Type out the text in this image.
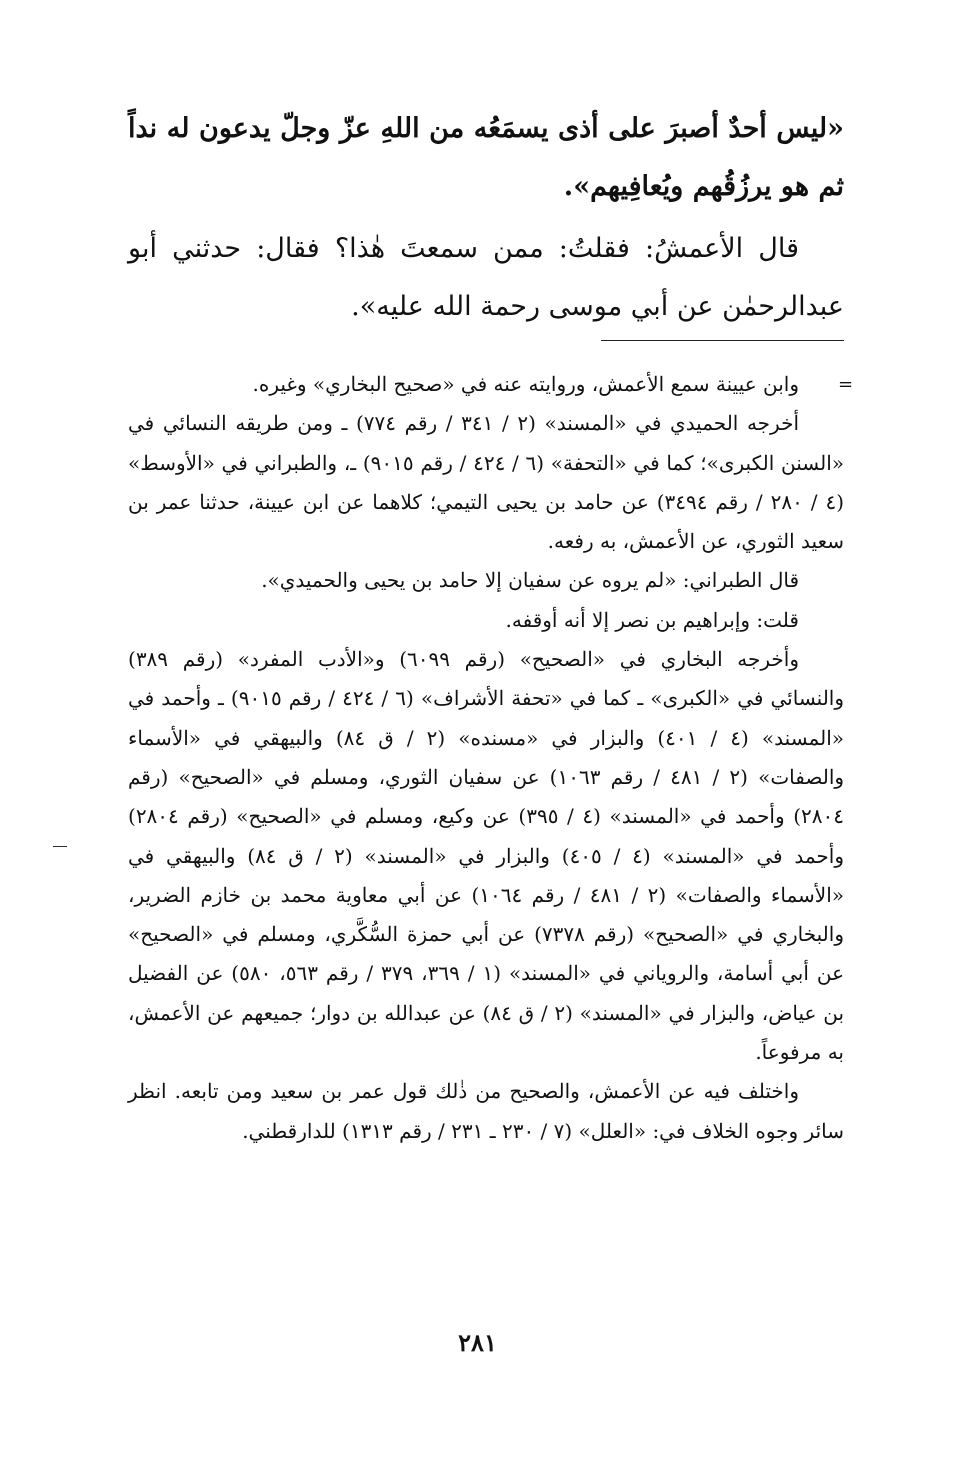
«ليس أحدٌ أصبرَ على أذى يسمَعُه من اللهِ عزّ وجلّ يدعون له نداً ثم هو يرزُقُهم ويُعافِيهم».

قال الأعمشُ: فقلتُ: ممن سمعتَ هٰذا؟ فقال: حدثني أبو عبدالرحمٰن عن أبي موسى رحمة الله عليه».

=

وابن عيينة سمع الأعمش، وروايته عنه في «صحيح البخاري» وغيره.

أخرجه الحميدي في «المسند» (٢ / ٣٤١ / رقم ٧٧٤) ـ ومن طريقه النسائي في «السنن الكبرى»؛ كما في «التحفة» (٦ / ٤٢٤ / رقم ٩٠١٥) ـ، والطبراني في «الأوسط» (٤ / ٢٨٠ / رقم ٣٤٩٤) عن حامد بن يحيى التيمي؛ كلاهما عن ابن عيينة، حدثنا عمر بن سعيد الثوري، عن الأعمش، به رفعه.

قال الطبراني: «لم يروه عن سفيان إلا حامد بن يحيى والحميدي».

قلت: وإبراهيم بن نصر إلا أنه أوقفه.

وأخرجه البخاري في «الصحيح» (رقم ٦٠٩٩) و«الأدب المفرد» (رقم ٣٨٩) والنسائي في «الكبرى» ـ كما في «تحفة الأشراف» (٦ / ٤٢٤ / رقم ٩٠١٥) ـ وأحمد في «المسند» (٤ / ٤٠١) والبزار في «مسنده» (٢ / ق ٨٤) والبيهقي في «الأسماء والصفات» (٢ / ٤٨١ / رقم ١٠٦٣) عن سفيان الثوري، ومسلم في «الصحيح» (رقم ٢٨٠٤) وأحمد في «المسند» (٤ / ٣٩٥) عن وكيع، ومسلم في «الصحيح» (رقم ٢٨٠٤) وأحمد في «المسند» (٤ / ٤٠٥) والبزار في «المسند» (٢ / ق ٨٤) والبيهقي في «الأسماء والصفات» (٢ / ٤٨١ / رقم ١٠٦٤) عن أبي معاوية محمد بن خازم الضرير، والبخاري في «الصحيح» (رقم ٧٣٧٨) عن أبي حمزة السُّكَّري، ومسلم في «الصحيح» عن أبي أسامة، والروياني في «المسند» (١ / ٣٦٩، ٣٧٩ / رقم ٥٦٣، ٥٨٠) عن الفضيل بن عياض، والبزار في «المسند» (٢ / ق ٨٤) عن عبدالله بن دوار؛ جميعهم عن الأعمش، به مرفوعاً.

واختلف فيه عن الأعمش، والصحيح من ذٰلك قول عمر بن سعيد ومن تابعه. انظر سائر وجوه الخلاف في: «العلل» (٧ / ٢٣٠ ـ ٢٣١ / رقم ١٣١٣) للدارقطني.

٢٨١
